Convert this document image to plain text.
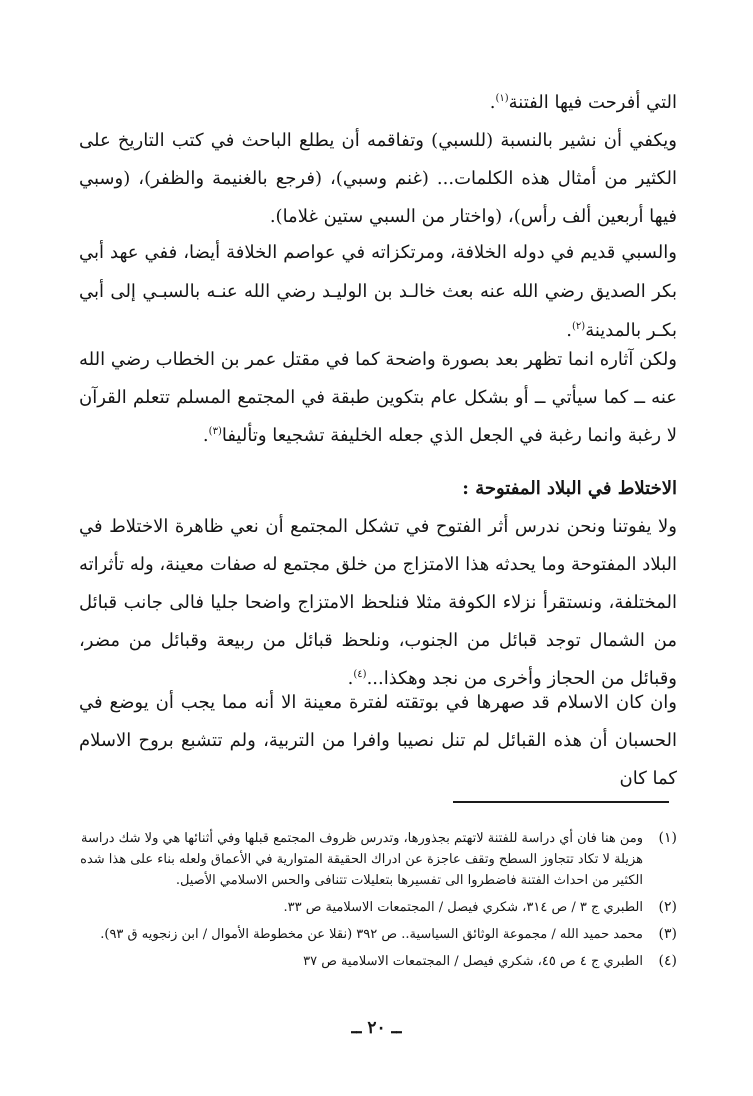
التي أفرحت فيها الفتنة$^{(١)}$.

ويكفي أن نشير بالنسبة (للسبي) وتفاقمه أن يطلع الباحث في كتب التاريخ على الكثير من أمثال هذه الكلمات... (غنم وسبي)، (فرجع بالغنيمة والظفر)، (وسبي فيها أربعين ألف رأس)، (واختار من السبي ستين غلاما).

والسبي قديم في دوله الخلافة، ومرتكزاته في عواصم الخلافة أيضا، ففي عهد أبي بكر الصديق رضي الله عنه بعث خالـد بن الوليـد رضي الله عنـه بالسبـي إلى أبي بكـر بالمدينة$^{(٢)}$.

ولكن آثاره انما تظهر بعد بصورة واضحة كما في مقتل عمر بن الخطاب رضي الله عنه ــ كما سيأتي ــ أو بشكل عام بتكوين طبقة في المجتمع المسلم تتعلم القرآن لا رغبة وانما رغبة في الجعل الذي جعله الخليفة تشجيعا وتأليفا$^{(٣)}$.

الاختلاط في البلاد المفتوحة :

ولا يفوتنا ونحن ندرس أثر الفتوح في تشكل المجتمع أن نعي ظاهرة الاختلاط في البلاد المفتوحة وما يحدثه هذا الامتزاج من خلق مجتمع له صفات معينة، وله تأثراته المختلفة، ونستقرأ نزلاء الكوفة مثلا فنلحظ الامتزاج واضحا جليا فالى جانب قبائل من الشمال توجد قبائل من الجنوب، ونلحظ قبائل من ربيعة وقبائل من مضر، وقبائل من الحجاز وأخرى من نجد وهكذا...$^{(٤)}$.

وان كان الاسلام قد صهرها في بوتقته لفترة معينة الا أنه مما يجب أن يوضع في الحسبان أن هذه القبائل لم تنل نصيبا وافرا من التربية، ولم تتشبع بروح الاسلام كما كان

(١)
ومن هنا فان أي دراسة للفتنة لاتهتم بجذورها، وتدرس ظروف المجتمع قبلها وفي أثنائها هي ولا شك دراسة هزيلة لا تكاد تتجاوز السطح وتقف عاجزة عن ادراك الحقيقة المتوارية في الأعماق ولعله بناء على هذا شده الكثير من احداث الفتنة فاضطروا الى تفسيرها بتعليلات تتنافى والحس الاسلامي الأصيل.
(٢)
الطبري ج ٣ / ص ٣١٤، شكري فيصل / المجتمعات الاسلامية ص ٣٣.
(٣)
محمد حميد الله / مجموعة الوثائق السياسية.. ص ٣٩٢ (نقلا عن مخطوطة الأموال / ابن زنجويه ق ٩٣).
(٤)
الطبري ج ٤ ص ٤٥، شكري فيصل / المجتمعات الاسلامية ص ٣٧
ــ ٢٠ ــ
